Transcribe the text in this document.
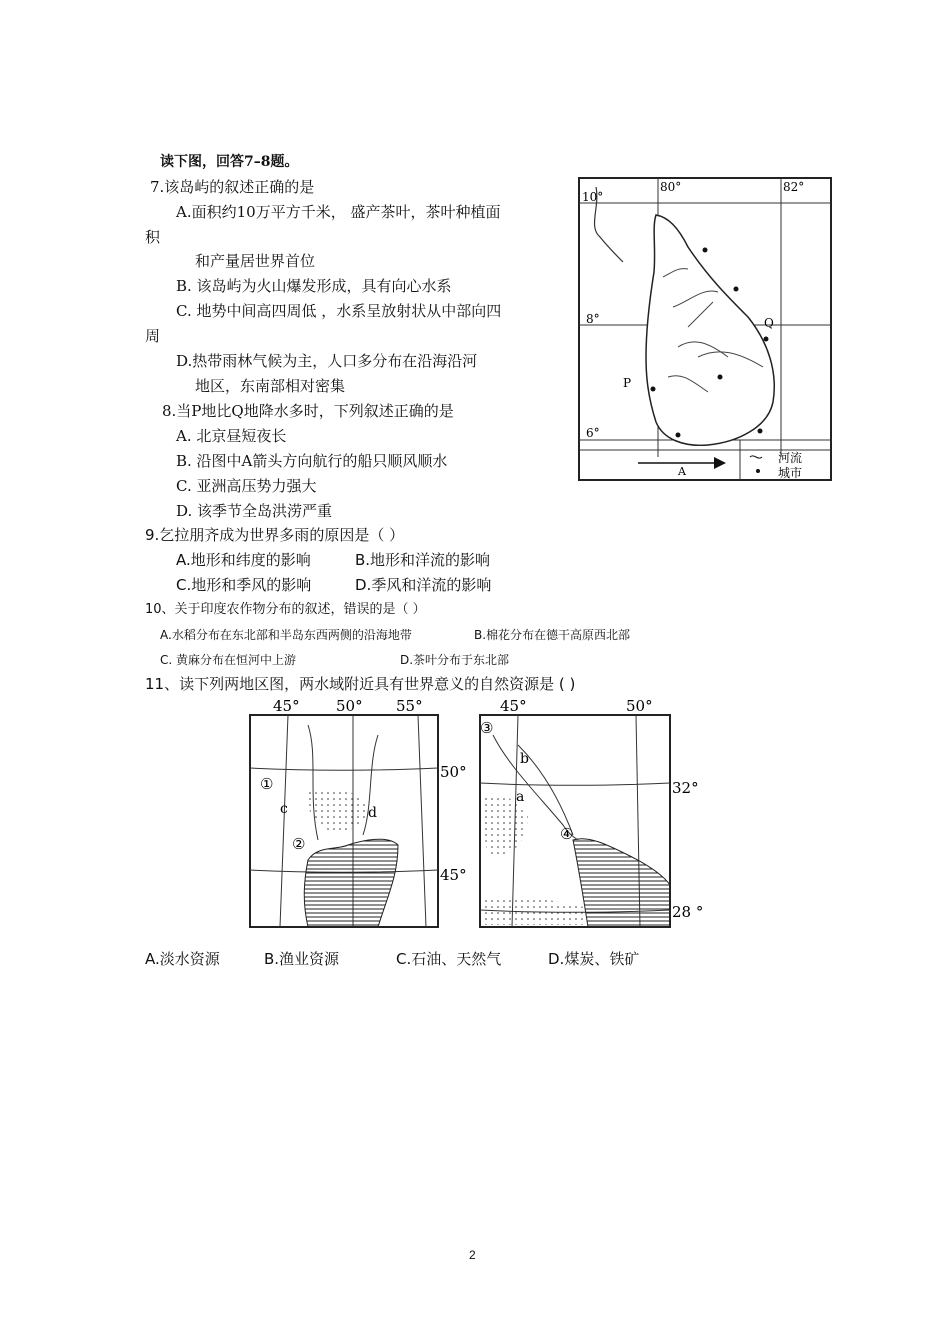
读下图，回答7–8题。
7.该岛屿的叙述正确的是
A.面积约10万平方千米， 盛产茶叶，茶叶种植面
积
和产量居世界首位
B. 该岛屿为火山爆发形成，具有向心水系
C. 地势中间高四周低 ，水系呈放射状从中部向四
周
D.热带雨林气候为主，人口多分布在沿海沿河
地区，东南部相对密集
8.当P地比Q地降水多时，下列叙述正确的是
A. 北京昼短夜长
B. 沿图中A箭头方向航行的船只顺风顺水
C. 亚洲高压势力强大
D. 该季节全岛洪涝严重
9.乞拉朋齐成为世界多雨的原因是（ ）
A.地形和纬度的影响	B.地形和洋流的影响
C.地形和季风的影响	D.季风和洋流的影响
10、关于印度农作物分布的叙述，错误的是（ ）
A.水稻分布在东北部和半岛东西两侧的沿海地带	B.棉花分布在德干高原西北部
C. 黄麻分布在恒河中上游	D.茶叶分布于东北部
11、读下列两地区图，两水域附近具有世界意义的自然资源是 ( )
A.淡水资源	B.渔业资源	C.石油、天然气	D.煤炭、铁矿
80°	82°
10°
8°
6°
P
Q
A
河流
城市
45° 50° 55°
50°
45°
①
②
c	d
45°	50°
32°
28 °
③
④
a
b
2
